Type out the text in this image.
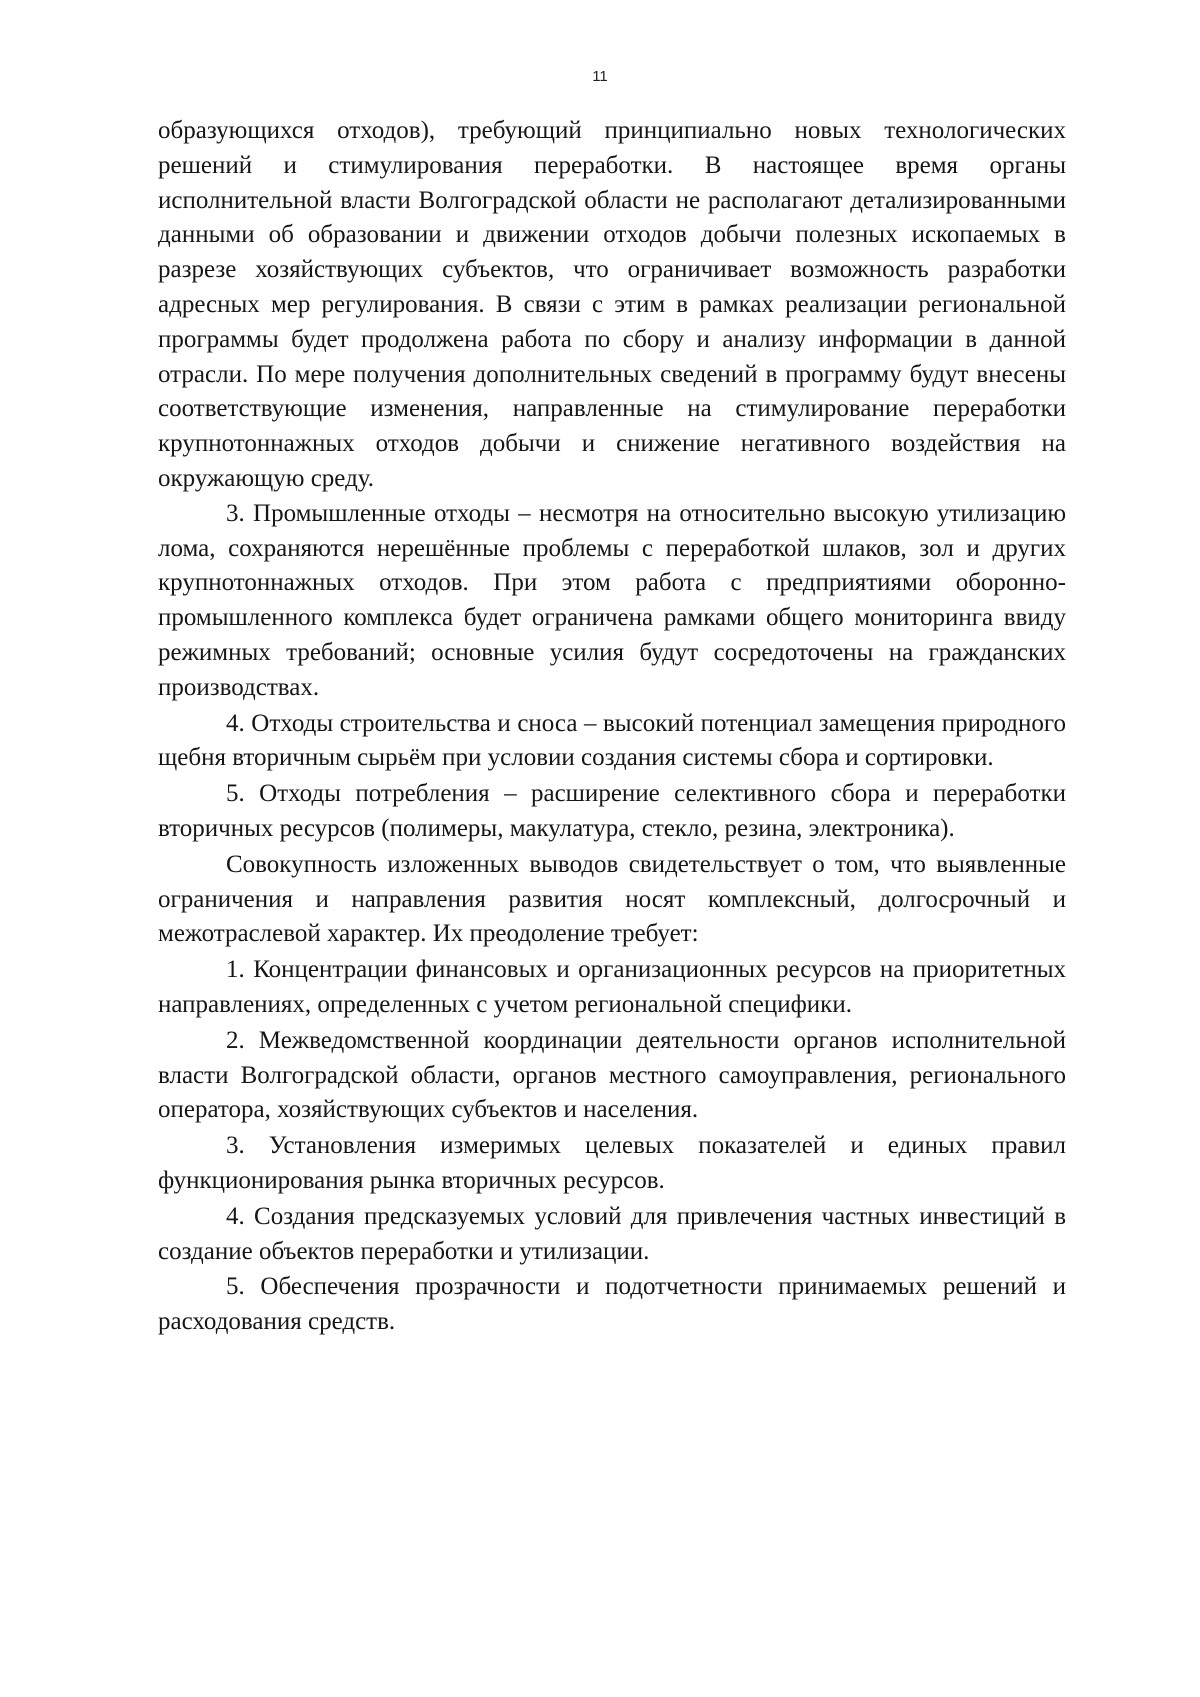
11

образующихся отходов), требующий принципиально новых технологических решений и стимулирования переработки. В настоящее время органы исполнительной власти Волгоградской области не располагают детализированными данными об образовании и движении отходов добычи полезных ископаемых в разрезе хозяйствующих субъектов, что ограничивает возможность разработки адресных мер регулирования. В связи с этим в рамках реализации региональной программы будет продолжена работа по сбору и анализу информации в данной отрасли. По мере получения дополнительных сведений в программу будут внесены соответствующие изменения, направленные на стимулирование переработки крупнотоннажных отходов добычи и снижение негативного воздействия на окружающую среду.

3. Промышленные отходы – несмотря на относительно высокую утилизацию лома, сохраняются нерешённые проблемы с переработкой шлаков, зол и других крупнотоннажных отходов. При этом работа с предприятиями оборонно-промышленного комплекса будет ограничена рамками общего мониторинга ввиду режимных требований; основные усилия будут сосредоточены на гражданских производствах.

4. Отходы строительства и сноса – высокий потенциал замещения природного щебня вторичным сырьём при условии создания системы сбора и сортировки.

5. Отходы потребления – расширение селективного сбора и переработки вторичных ресурсов (полимеры, макулатура, стекло, резина, электроника).

Совокупность изложенных выводов свидетельствует о том, что выявленные ограничения и направления развития носят комплексный, долгосрочный и межотраслевой характер. Их преодоление требует:

1. Концентрации финансовых и организационных ресурсов на приоритетных направлениях, определенных с учетом региональной специфики.

2. Межведомственной координации деятельности органов исполнительной власти Волгоградской области, органов местного самоуправления, регионального оператора, хозяйствующих субъектов и населения.

3. Установления измеримых целевых показателей и единых правил функционирования рынка вторичных ресурсов.

4. Создания предсказуемых условий для привлечения частных инвестиций в создание объектов переработки и утилизации.

5. Обеспечения прозрачности и подотчетности принимаемых решений и расходования средств.
